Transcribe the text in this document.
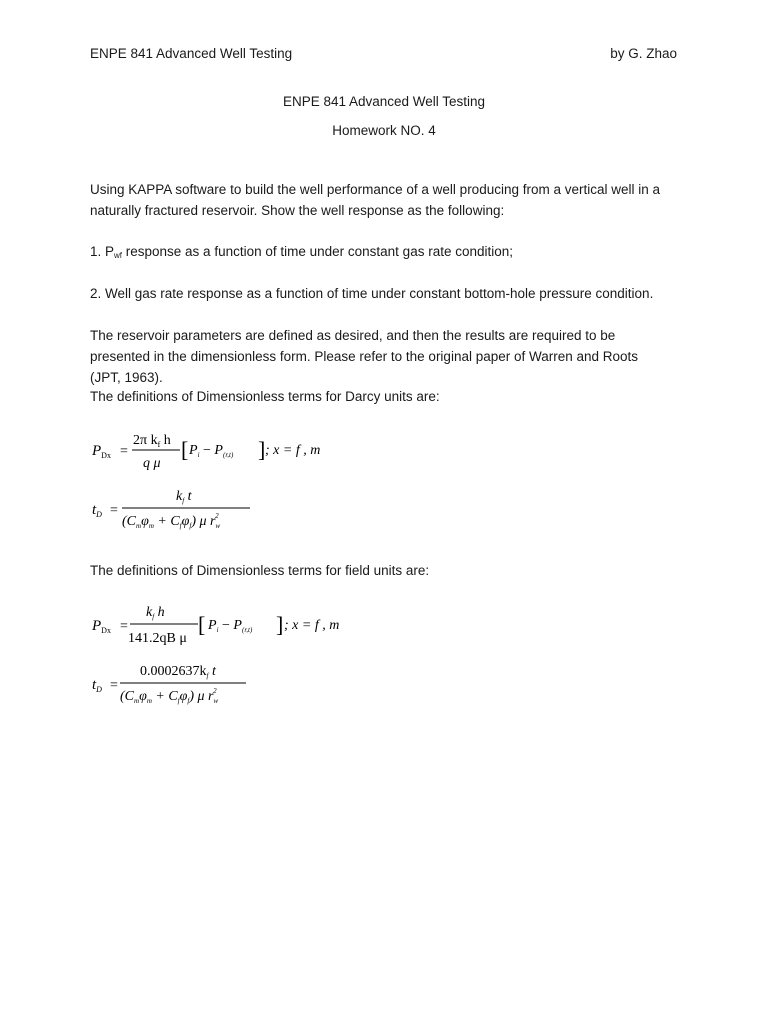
ENPE 841 Advanced Well Testing	by G. Zhao
ENPE 841 Advanced Well Testing
Homework NO. 4
Using KAPPA software to build the well performance of a well producing from a vertical well in a naturally fractured reservoir. Show the well response as the following:
1. Pwf response as a function of time under constant gas rate condition;
2. Well gas rate response as a function of time under constant bottom-hole pressure condition.
The reservoir parameters are defined as desired, and then the results are required to be presented in the dimensionless form. Please refer to the original paper of Warren and Roots (JPT, 1963).
The definitions of Dimensionless terms for Darcy units are:
$P_{Dx}$ =
2π $k_f$ h
q μ
[ $P_i - P_{(r,t)}$ ] ; x = f , m
$t_D$ =
$k_f$ t
$(C_m\varphi_m + C_f\varphi_f)$ μ $r_w2$
The definitions of Dimensionless terms for field units are:
$P_{Dx}$ =
$k_f$ h
141.2qB μ
[ $P_i - P_{(r,t)}$ ] ; x = f , m
$t_D$ =
$0.0002637k_f$ t
$(C_m\varphi_m + C_f\varphi_f)$ μ $r_w2$
